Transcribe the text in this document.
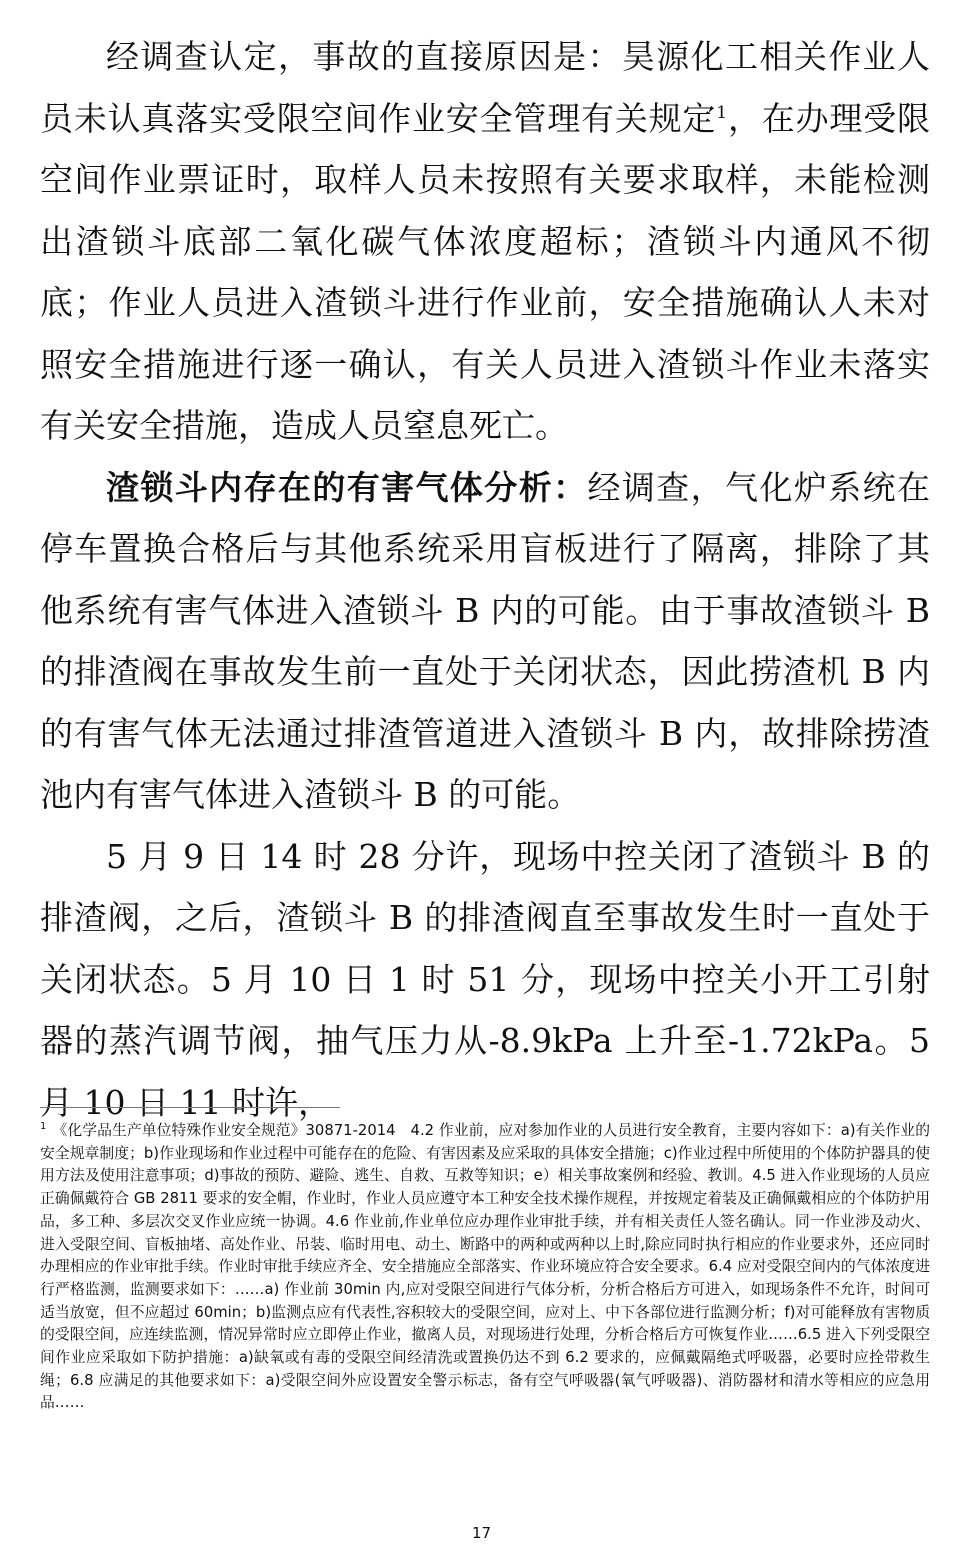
经调查认定，事故的直接原因是：昊源化工相关作业人员未认真落实受限空间作业安全管理有关规定$^1$，在办理受限空间作业票证时，取样人员未按照有关要求取样，未能检测出渣锁斗底部二氧化碳气体浓度超标；渣锁斗内通风不彻底；作业人员进入渣锁斗进行作业前，安全措施确认人未对照安全措施进行逐一确认，有关人员进入渣锁斗作业未落实有关安全措施，造成人员窒息死亡。

渣锁斗内存在的有害气体分析：经调查，气化炉系统在停车置换合格后与其他系统采用盲板进行了隔离，排除了其他系统有害气体进入渣锁斗 B 内的可能。由于事故渣锁斗 B 的排渣阀在事故发生前一直处于关闭状态，因此捞渣机 B 内的有害气体无法通过排渣管道进入渣锁斗 B 内，故排除捞渣池内有害气体进入渣锁斗 B 的可能。

5 月 9 日 14 时 28 分许，现场中控关闭了渣锁斗 B 的排渣阀，之后，渣锁斗 B 的排渣阀直至事故发生时一直处于关闭状态。5 月 10 日 1 时 51 分，现场中控关小开工引射器的蒸汽调节阀，抽气压力从-8.9kPa 上升至-1.72kPa。5 月 10 日 11 时许，

$^1$ 《化学品生产单位特殊作业安全规范》30871-2014　4.2 作业前，应对参加作业的人员进行安全教育，主要内容如下：a)有关作业的安全规章制度；b)作业现场和作业过程中可能存在的危险、有害因素及应采取的具体安全措施；c)作业过程中所使用的个体防护器具的使用方法及使用注意事项；d)事故的预防、避险、逃生、自救、互救等知识；e）相关事故案例和经验、教训。4.5 进入作业现场的人员应正确佩戴符合 GB 2811 要求的安全帽，作业时，作业人员应遵守本工种安全技术操作规程，并按规定着装及正确佩戴相应的个体防护用品，多工种、多层次交叉作业应统一协调。4.6 作业前,作业单位应办理作业审批手续，并有相关责任人签名确认。同一作业涉及动火、进入受限空间、盲板抽堵、高处作业、吊装、临时用电、动土、断路中的两种或两种以上时,除应同时执行相应的作业要求外，还应同时办理相应的作业审批手续。作业时审批手续应齐全、安全措施应全部落实、作业环境应符合安全要求。6.4 应对受限空间内的气体浓度进行严格监测，监测要求如下：……a) 作业前 30min 内,应对受限空间进行气体分析，分析合格后方可进入，如现场条件不允许，时间可适当放宽，但不应超过 60min；b)监测点应有代表性,容积较大的受限空间，应对上、中下各部位进行监测分析；f)对可能释放有害物质的受限空间，应连续监测，情况异常时应立即停止作业，撤离人员，对现场进行处理，分析合格后方可恢复作业……6.5 进入下列受限空间作业应采取如下防护措施：a)缺氧或有毒的受限空间经清洗或置换仍达不到 6.2 要求的，应佩戴隔绝式呼吸器，必要时应拴带救生绳；6.8 应满足的其他要求如下：a)受限空间外应设置安全警示标志，备有空气呼吸器(氧气呼吸器)、消防器材和清水等相应的应急用品……
17
